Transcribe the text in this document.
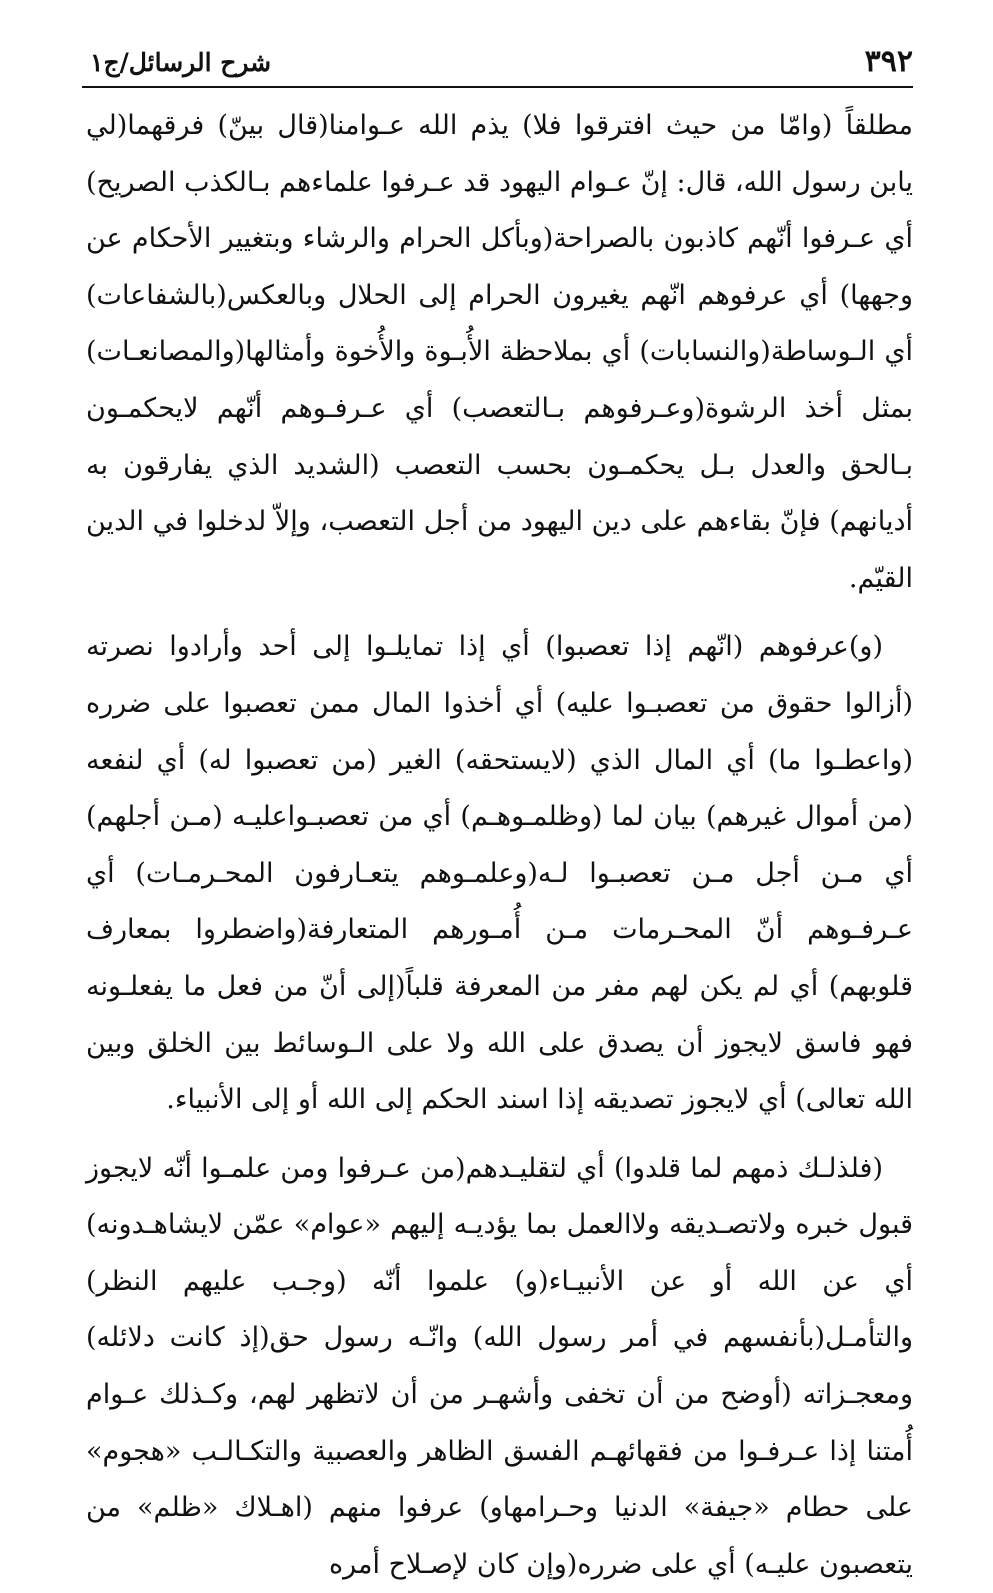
٣٩٢
شرح الرسائل/ج١

مطلقاً (وامّا من حيث افترقوا فلا) يذم الله عـوامنا(قال بينّ) فرقهما(لي يابن رسول الله، قال: إنّ عـوام اليهود قد عـرفوا علماءهم بـالكذب الصريح) أي عـرفوا أنّهم كاذبون بالصراحة(وبأكل الحرام والرشاء وبتغيير الأحكام عن وجهها) أي عرفوهم انّهم يغيرون الحرام إلى الحلال وبالعكس(بالشفاعات) أي الـوساطة(والنسابات) أي بملاحظة الأُبـوة والأُخوة وأمثالها(والمصانعـات) بمثل أخذ الرشوة(وعـرفوهم بـالتعصب) أي عـرفـوهم أنّهم لايحكمـون بـالحق والعدل بـل يحكمـون بحسب التعصب (الشديد الذي يفارقون به أديانهم) فإنّ بقاءهم على دين اليهود من أجل التعصب، وإلاّ لدخلوا في الدين القيّم.

(و)عرفوهم (انّهم إذا تعصبوا) أي إذا تمايلـوا إلى أحد وأرادوا نصرته (أزالوا حقوق من تعصبـوا عليه) أي أخذوا المال ممن تعصبوا على ضرره (واعطـوا ما) أي المال الذي (لايستحقه) الغير (من تعصبوا له) أي لنفعه (من أموال غيرهم) بيان لما (وظلمـوهـم) أي من تعصبـواعليـه (مـن أجلهم) أي مـن أجل مـن تعصبـوا لـه(وعلمـوهم يتعـارفون المحـرمـات) أي عـرفـوهم أنّ المحـرمات مـن أُمـورهم المتعارفة(واضطروا بمعارف قلوبهم) أي لم يكن لهم مفر من المعرفة قلباً(إلى أنّ من فعل ما يفعلـونه فهو فاسق لايجوز أن يصدق على الله ولا على الـوسائط بين الخلق وبين الله تعالى) أي لايجوز تصديقه إذا اسند الحكم إلى الله أو إلى الأنبياء.

(فلذلـك ذمهم لما قلدوا) أي لتقليـدهم(من عـرفوا ومن علمـوا أنّه لايجوز قبول خبره ولاتصـديقه ولاالعمل بما يؤديـه إليهم «عوام» عمّن لايشاهـدونه) أي عن الله أو عن الأنبيـاء(و) علموا أنّه (وجـب عليهم النظر) والتأمـل(بأنفسهم في أمر رسول الله) وانّـه رسول حق(إذ كانت دلائله) ومعجـزاته (أوضح من أن تخفى وأشهـر من أن لاتظهر لهم، وكـذلك عـوام أُمتنا إذا عـرفـوا من فقهائهـم الفسق الظاهر والعصبية والتكـالـب «هجوم» على حطام «جيفة» الدنيا وحـرامهاو) عرفوا منهم (اهـلاك «ظلم» من يتعصبون عليـه) أي على ضرره(وإن كان لإصـلاح أمره
